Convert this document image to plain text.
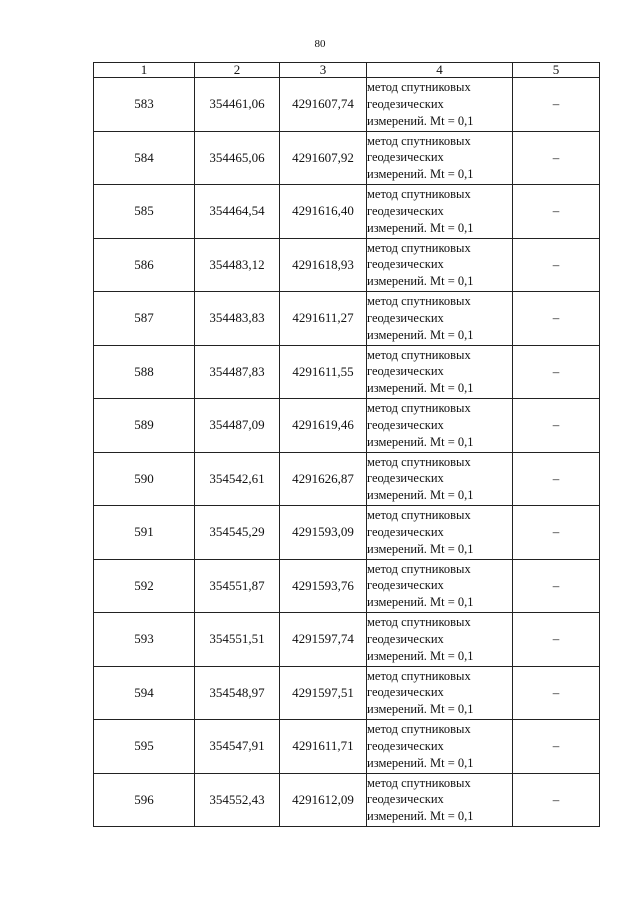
80
1	2	3	4	5
583	354461,06	4291607,74	метод спутниковых
геодезических
измерений. Mt = 0,1	–
584	354465,06	4291607,92	метод спутниковых
геодезических
измерений. Mt = 0,1	–
585	354464,54	4291616,40	метод спутниковых
геодезических
измерений. Mt = 0,1	–
586	354483,12	4291618,93	метод спутниковых
геодезических
измерений. Mt = 0,1	–
587	354483,83	4291611,27	метод спутниковых
геодезических
измерений. Mt = 0,1	–
588	354487,83	4291611,55	метод спутниковых
геодезических
измерений. Mt = 0,1	–
589	354487,09	4291619,46	метод спутниковых
геодезических
измерений. Mt = 0,1	–
590	354542,61	4291626,87	метод спутниковых
геодезических
измерений. Mt = 0,1	–
591	354545,29	4291593,09	метод спутниковых
геодезических
измерений. Mt = 0,1	–
592	354551,87	4291593,76	метод спутниковых
геодезических
измерений. Mt = 0,1	–
593	354551,51	4291597,74	метод спутниковых
геодезических
измерений. Mt = 0,1	–
594	354548,97	4291597,51	метод спутниковых
геодезических
измерений. Mt = 0,1	–
595	354547,91	4291611,71	метод спутниковых
геодезических
измерений. Mt = 0,1	–
596	354552,43	4291612,09	метод спутниковых
геодезических
измерений. Mt = 0,1	–
